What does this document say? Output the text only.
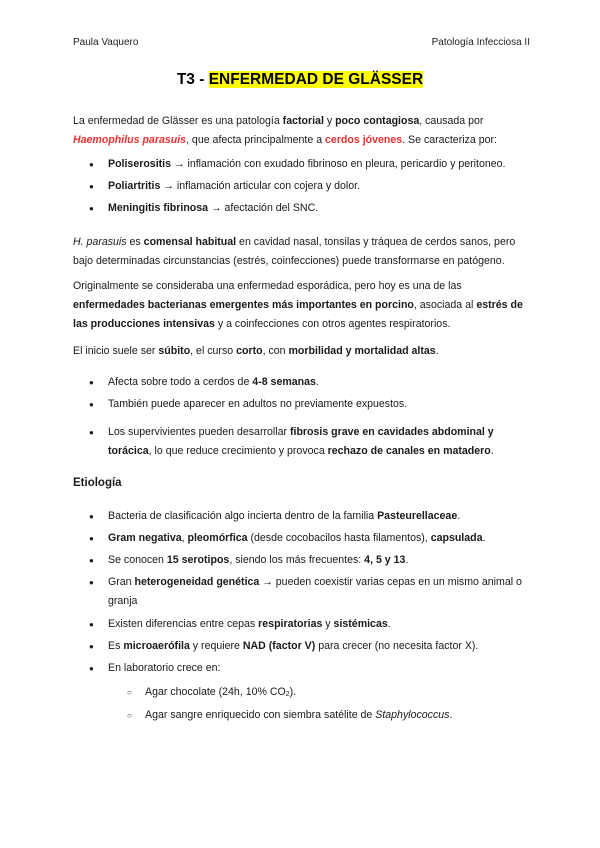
Paula Vaquero	Patología Infecciosa II
T3 - ENFERMEDAD DE GLÄSSER
La enfermedad de Glässer es una patología factorial y poco contagiosa, causada por Haemophilus parasuis, que afecta principalmente a cerdos jóvenes. Se caracteriza por:
● Poliserositis → inflamación con exudado fibrinoso en pleura, pericardio y peritoneo.
● Poliartritis → inflamación articular con cojera y dolor.
● Meningitis fibrinosa → afectación del SNC.
H. parasuis es comensal habitual en cavidad nasal, tonsilas y tráquea de cerdos sanos, pero bajo determinadas circunstancias (estrés, coinfecciones) puede transformarse en patógeno.
Originalmente se consideraba una enfermedad esporádica, pero hoy es una de las enfermedades bacterianas emergentes más importantes en porcino, asociada al estrés de las producciones intensivas y a coinfecciones con otros agentes respiratorios.
El inicio suele ser súbito, el curso corto, con morbilidad y mortalidad altas.
● Afecta sobre todo a cerdos de 4-8 semanas.
● También puede aparecer en adultos no previamente expuestos.
● Los supervivientes pueden desarrollar fibrosis grave en cavidades abdominal y torácica, lo que reduce crecimiento y provoca rechazo de canales en matadero.
Etiología
● Bacteria de clasificación algo incierta dentro de la familia Pasteurellaceae.
● Gram negativa, pleomórfica (desde cocobacilos hasta filamentos), capsulada.
● Se conocen 15 serotipos, siendo los más frecuentes: 4, 5 y 13.
● Gran heterogeneidad genética → pueden coexistir varias cepas en un mismo animal o granja
● Existen diferencias entre cepas respiratorias y sistémicas.
● Es microaerófila y requiere NAD (factor V) para crecer (no necesita factor X).
● En laboratorio crece en:
○ Agar chocolate (24h, 10% $CO_2$).
○ Agar sangre enriquecido con siembra satélite de Staphylococcus.
